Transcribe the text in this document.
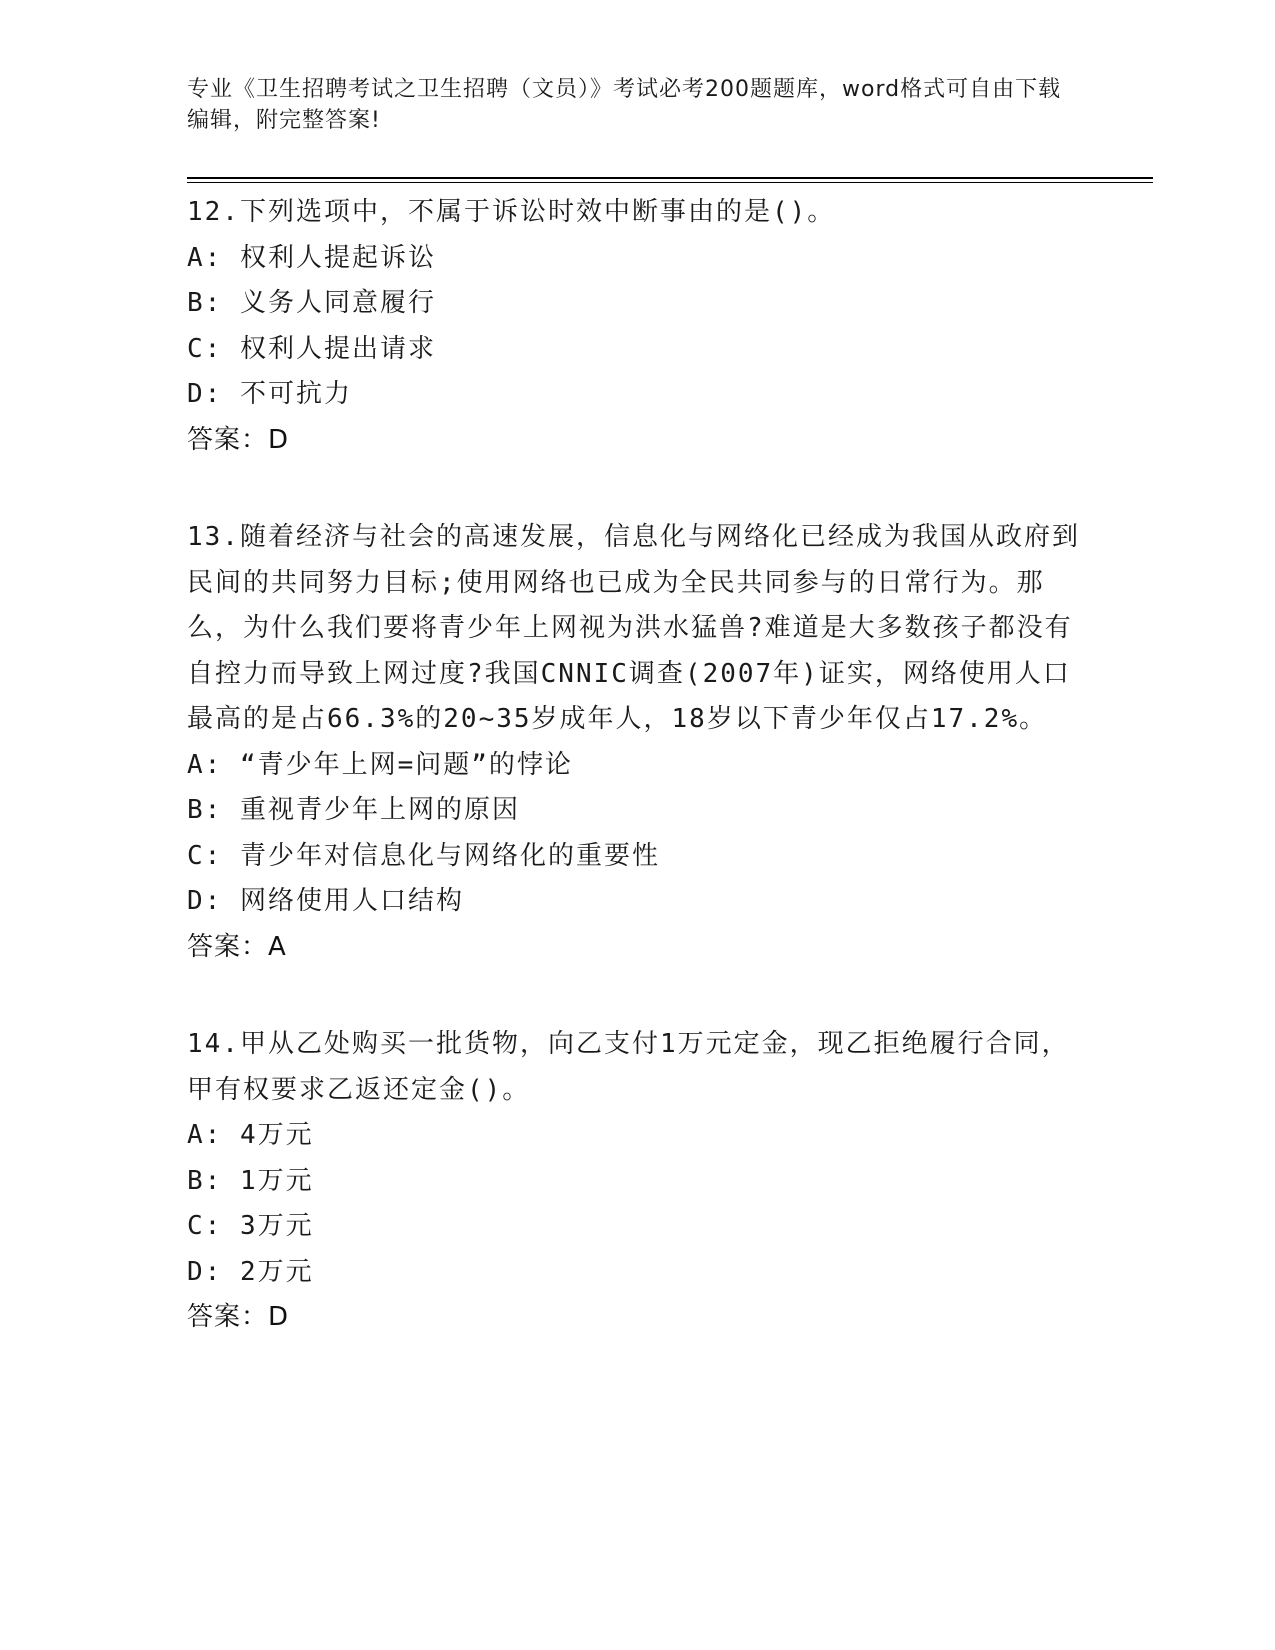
专业《卫生招聘考试之卫生招聘（文员）》考试必考200题题库，word格式可自由下载编辑，附完整答案!

12.下列选项中，不属于诉讼时效中断事由的是()。

A: 权利人提起诉讼

B: 义务人同意履行

C: 权利人提出请求

D: 不可抗力

答案：D

13.随着经济与社会的高速发展，信息化与网络化已经成为我国从政府到民间的共同努力目标;使用网络也已成为全民共同参与的日常行为。那么，为什么我们要将青少年上网视为洪水猛兽?难道是大多数孩子都没有自控力而导致上网过度?我国CNNIC调查(2007年)证实，网络使用人口最高的是占66.3%的20~35岁成年人，18岁以下青少年仅占17.2%。

A: “青少年上网=问题”的悖论

B: 重视青少年上网的原因

C: 青少年对信息化与网络化的重要性

D: 网络使用人口结构

答案：A

14.甲从乙处购买一批货物，向乙支付1万元定金，现乙拒绝履行合同，甲有权要求乙返还定金()。

A: 4万元

B: 1万元

C: 3万元

D: 2万元

答案：D
